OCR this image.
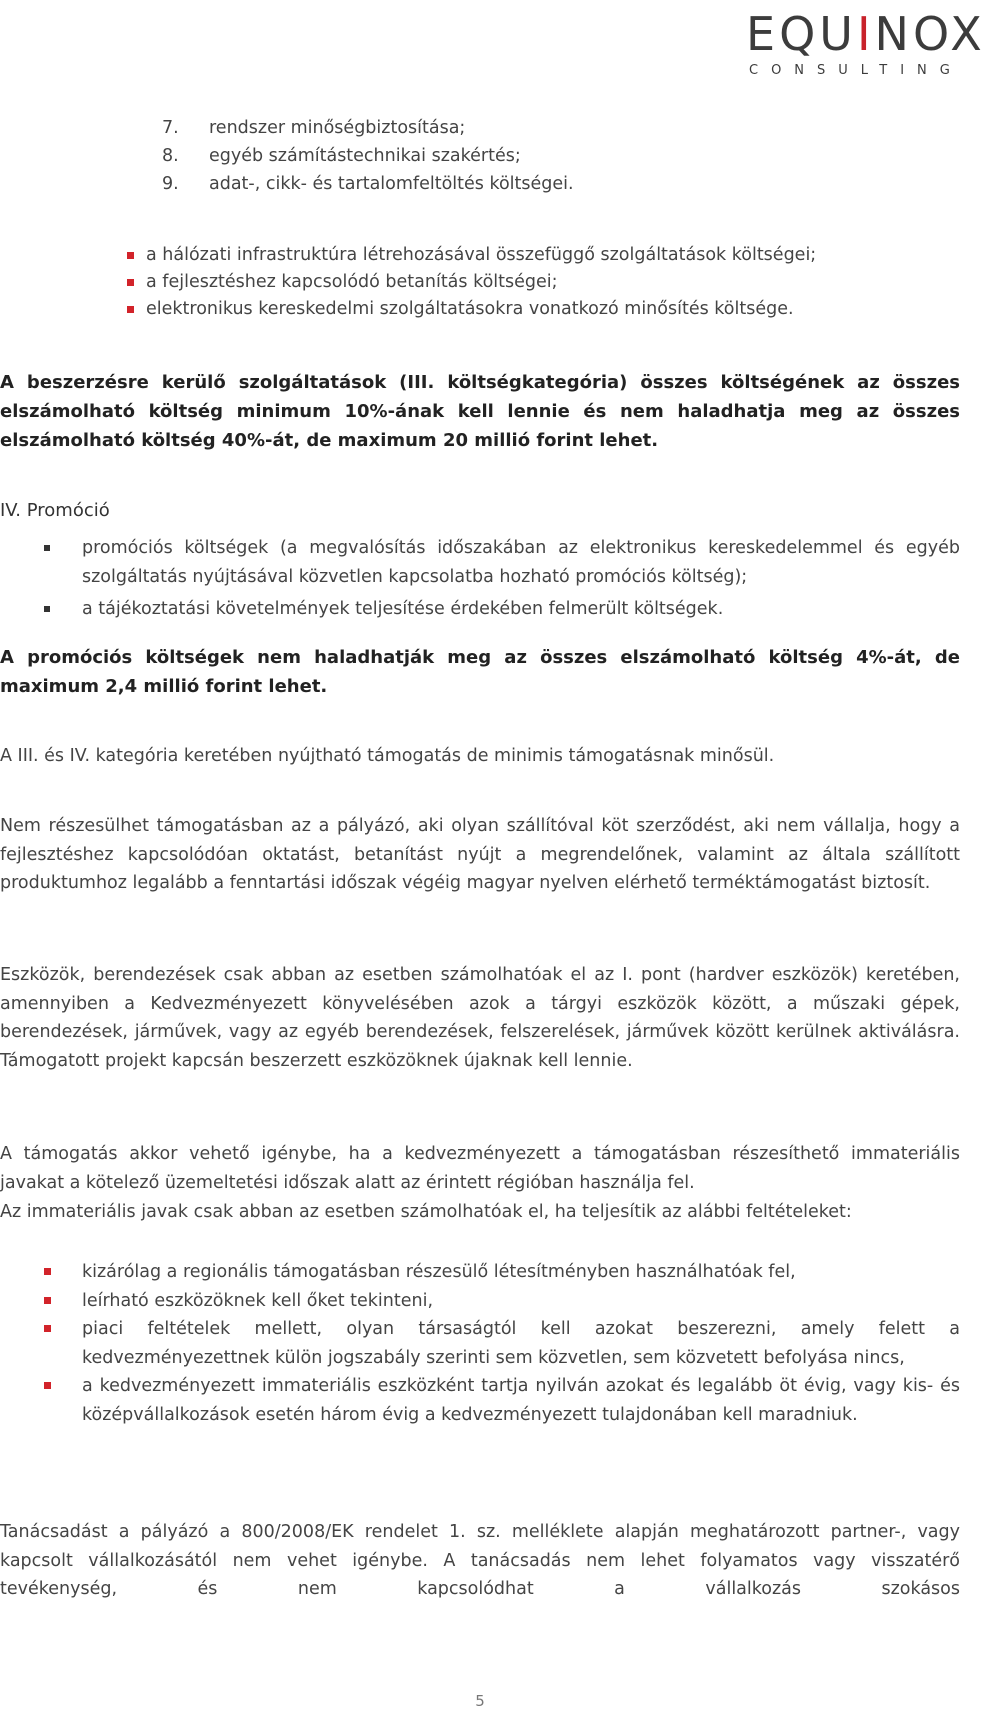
EQUINOX
CONSULTING
7. rendszer minőségbiztosítása;
8. egyéb számítástechnikai szakértés;
9. adat-, cikk- és tartalomfeltöltés költségei.
a hálózati infrastruktúra létrehozásával összefüggő szolgáltatások költségei;
a fejlesztéshez kapcsolódó betanítás költségei;
elektronikus kereskedelmi szolgáltatásokra vonatkozó minősítés költsége.
A beszerzésre kerülő szolgáltatások (III. költségkategória) összes költségének az összes elszámolható költség minimum 10%-ának kell lennie és nem haladhatja meg az összes elszámolható költség 40%-át, de maximum 20 millió forint lehet.
IV. Promóció
promóciós költségek (a megvalósítás időszakában az elektronikus kereskedelemmel és egyéb szolgáltatás nyújtásával közvetlen kapcsolatba hozható promóciós költség);
a tájékoztatási követelmények teljesítése érdekében felmerült költségek.
A promóciós költségek nem haladhatják meg az összes elszámolható költség 4%-át, de maximum 2,4 millió forint lehet.
A III. és IV. kategória keretében nyújtható támogatás de minimis támogatásnak minősül.
Nem részesülhet támogatásban az a pályázó, aki olyan szállítóval köt szerződést, aki nem vállalja, hogy a fejlesztéshez kapcsolódóan oktatást, betanítást nyújt a megrendelőnek, valamint az általa szállított produktumhoz legalább a fenntartási időszak végéig magyar nyelven elérhető terméktámogatást biztosít.
Eszközök, berendezések csak abban az esetben számolhatóak el az I. pont (hardver eszközök) keretében, amennyiben a Kedvezményezett könyvelésében azok a tárgyi eszközök között, a műszaki gépek, berendezések, járművek, vagy az egyéb berendezések, felszerelések, járművek között kerülnek aktiválásra. Támogatott projekt kapcsán beszerzett eszközöknek újaknak kell lennie.
A támogatás akkor vehető igénybe, ha a kedvezményezett a támogatásban részesíthető immateriális javakat a kötelező üzemeltetési időszak alatt az érintett régióban használja fel.
Az immateriális javak csak abban az esetben számolhatóak el, ha teljesítik az alábbi feltételeket:
kizárólag a regionális támogatásban részesülő létesítményben használhatóak fel,
leírható eszközöknek kell őket tekinteni,
piaci feltételek mellett, olyan társaságtól kell azokat beszerezni, amely felett a kedvezményezettnek külön jogszabály szerinti sem közvetlen, sem közvetett befolyása nincs,
a kedvezményezett immateriális eszközként tartja nyilván azokat és legalább öt évig, vagy kis- és középvállalkozások esetén három évig a kedvezményezett tulajdonában kell maradniuk.
Tanácsadást a pályázó a 800/2008/EK rendelet 1. sz. melléklete alapján meghatározott partner-, vagy kapcsolt vállalkozásától nem vehet igénybe. A tanácsadás nem lehet folyamatos vagy visszatérő tevékenység, és nem kapcsolódhat a vállalkozás szokásos
5
